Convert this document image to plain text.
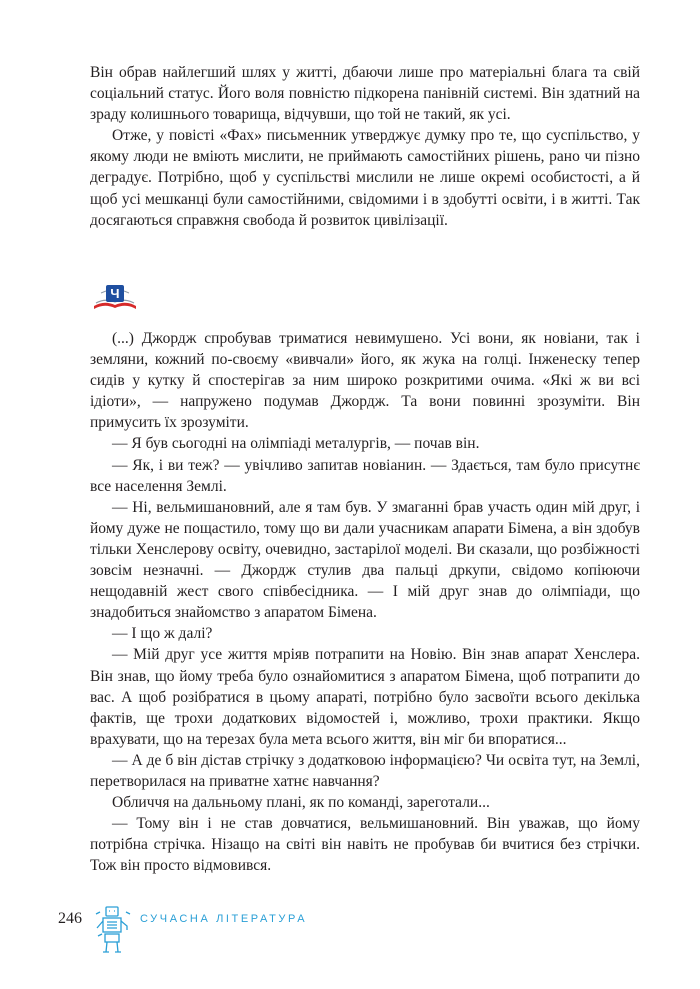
Він обрав найлегший шлях у житті, дбаючи лише про матеріальні блага та свій соціальний статус. Його воля повністю підкорена панівній системі. Він здатний на зраду колишнього товарища, відчувши, що той не такий, як усі.

Отже, у повісті «Фах» письменник утверджує думку про те, що суспільство, у якому люди не вміють мислити, не приймають самостійних рішень, рано чи пізно деградує. Потрібно, щоб у суспільстві мислили не лише окремі особистості, а й щоб усі мешканці були самостійними, свідомими і в здобутті освіти, і в житті. Так досягаються справжня свобода й розвиток цивілізації.

Ч

(...) Джордж спробував триматися невимушено. Усі вони, як новіани, так і земляни, кожний по-своєму «вивчали» його, як жука на голці. Інженеску тепер сидів у кутку й спостерігав за ним широко розкритими очима. «Які ж ви всі ідіоти», — напружено подумав Джордж. Та вони повинні зрозуміти. Він примусить їх зрозуміти.

— Я був сьогодні на олімпіаді металургів, — почав він.

— Як, і ви теж? — увічливо запитав новіанин. — Здається, там було присутнє все населення Землі.

— Ні, вельмишановний, але я там був. У змаганні брав участь один мій друг, і йому дуже не пощастило, тому що ви дали учасникам апарати Бімена, а він здобув тільки Хенслерову освіту, очевидно, застарілої моделі. Ви сказали, що розбіжності зовсім незначні. — Джордж стулив два пальці дркупи, свідомо копіюючи нещодавній жест свого співбесідника. — І мій друг знав до олімпіади, що знадобиться знайомство з апаратом Бімена.

— І що ж далі?

— Мій друг усе життя мріяв потрапити на Новію. Він знав апарат Хенслера. Він знав, що йому треба було ознайомитися з апаратом Бімена, щоб потрапити до вас. А щоб розібратися в цьому апараті, потрібно було засвоїти всього декілька фактів, ще трохи додаткових відомостей і, можливо, трохи практики. Якщо врахувати, що на терезах була мета всього життя, він міг би впоратися...

— А де б він дістав стрічку з додатковою інформацією? Чи освіта тут, на Землі, перетворилася на приватне хатнє навчання?

Обличчя на дальньому плані, як по команді, зареготали...

— Тому він і не став довчатися, вельмишановний. Він уважав, що йому потрібна стрічка. Нізащо на світі він навіть не пробував би вчитися без стрічки. Тож він просто відмовився.

246	СУЧАСНА ЛІТЕРАТУРА
